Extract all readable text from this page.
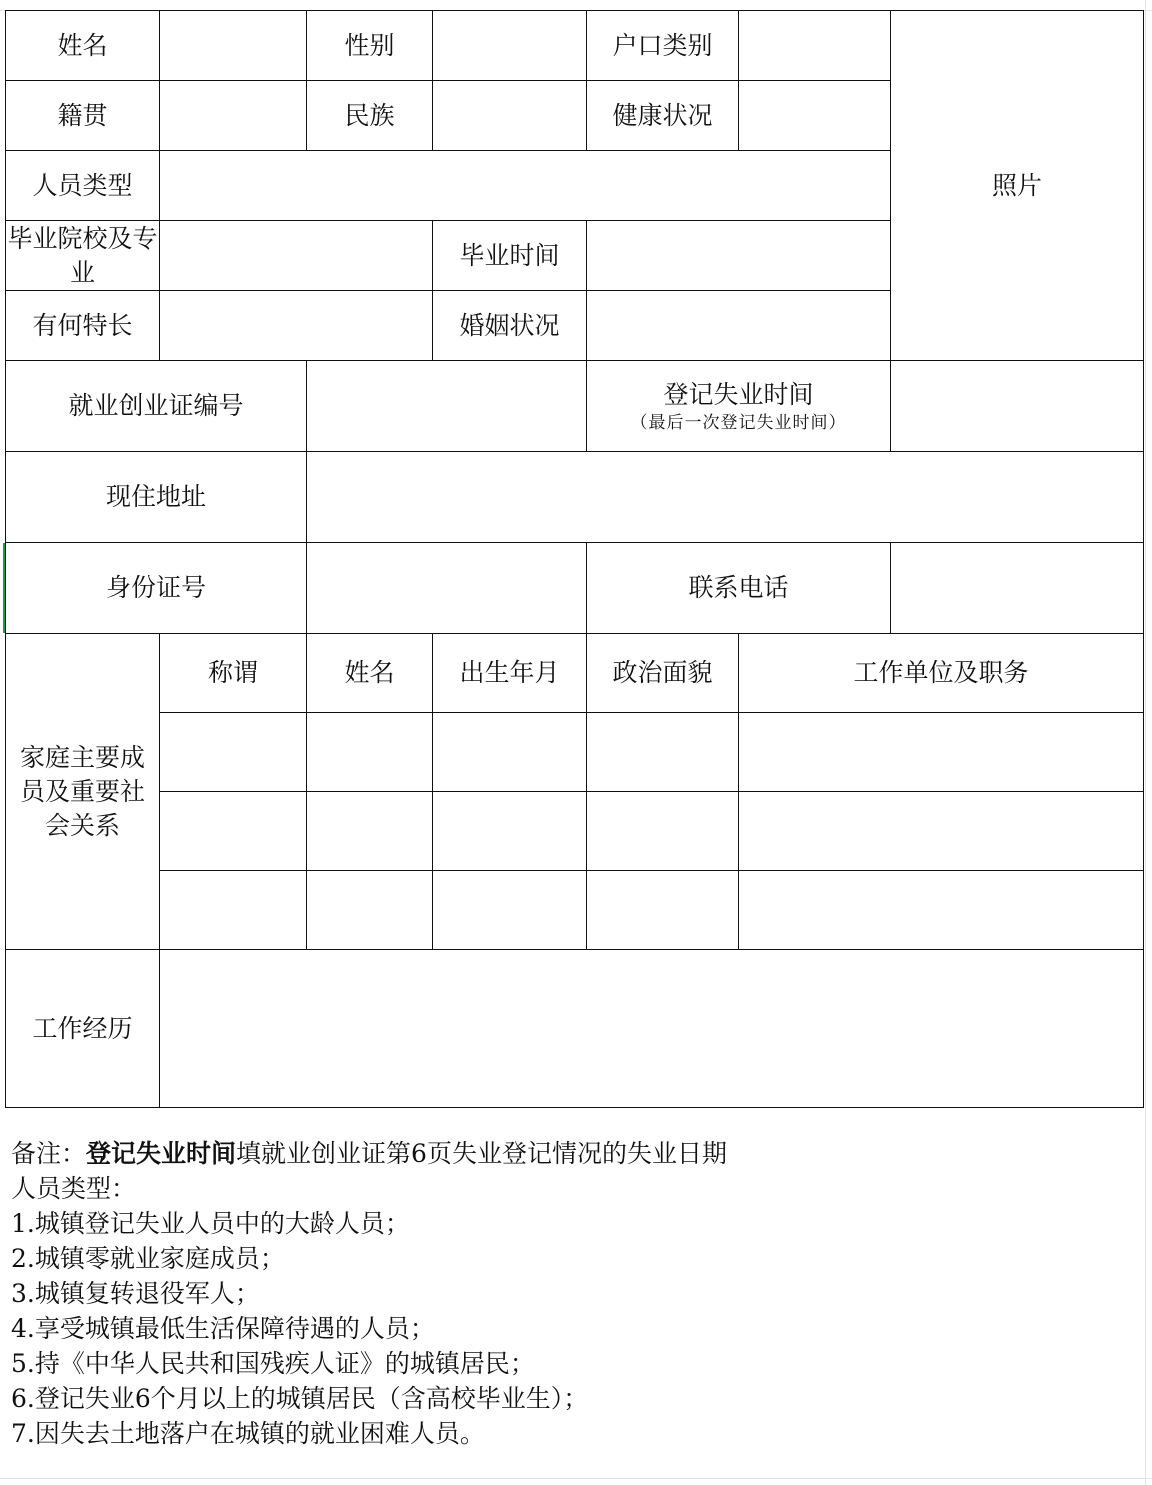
姓名		性别		户口类别		照片
籍贯		民族		健康状况		
人员类型						
毕业院校及专业			毕业时间			
有何特长			婚姻状况			
就业创业证编号				登记失业时间
（最后一次登记失业时间）		

现住地址						
身份证号				联系电话		
家庭主要成员及重要社会关系	称谓	姓名	出生年月	政治面貌	工作单位及职务	

工作经历						
备注：登记失业时间填就业创业证第6页失业登记情况的失业日期
人员类型：
1.城镇登记失业人员中的大龄人员；
2.城镇零就业家庭成员；
3.城镇复转退役军人；
4.享受城镇最低生活保障待遇的人员；
5.持《中华人民共和国残疾人证》的城镇居民；
6.登记失业6个月以上的城镇居民（含高校毕业生）；
7.因失去土地落户在城镇的就业困难人员。
